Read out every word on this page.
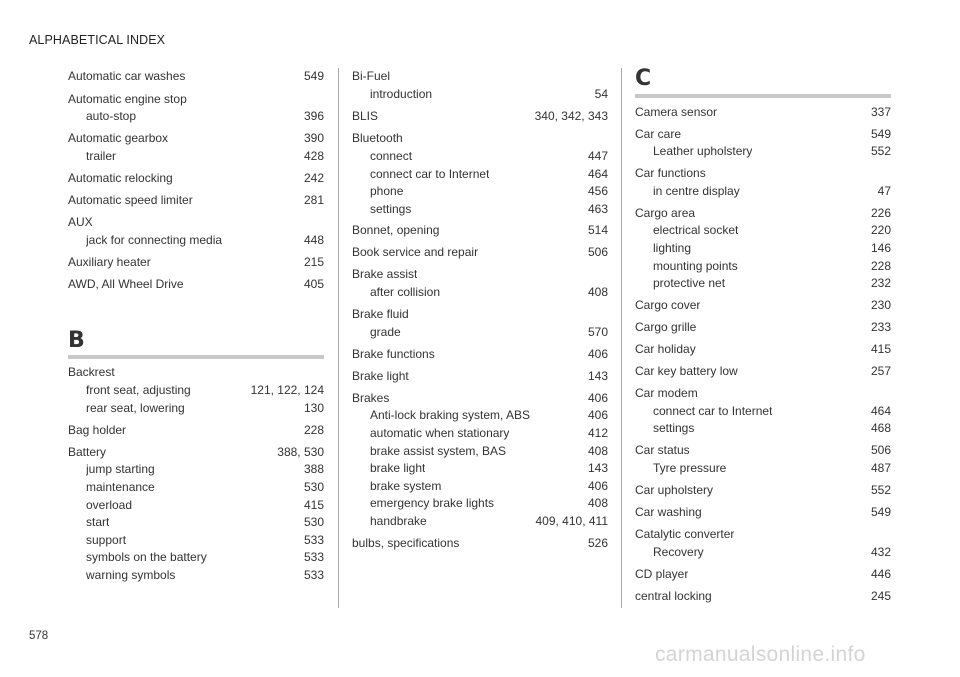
ALPHABETICAL INDEX
B
Automatic car washes	549
Automatic engine stop
auto-stop	396
Automatic gearbox	390
trailer	428
Automatic relocking	242
Automatic speed limiter	281
AUX
jack for connecting media	448
Auxiliary heater	215
AWD, All Wheel Drive	405
Backrest
front seat, adjusting	121, 122, 124
rear seat, lowering	130
Bag holder	228
Battery	388, 530
jump starting	388
maintenance	530
overload	415
start	530
support	533
symbols on the battery	533
warning symbols	533
Bi-Fuel
introduction	54
BLIS	340, 342, 343
Bluetooth
connect	447
connect car to Internet	464
phone	456
settings	463
Bonnet, opening	514
Book service and repair	506
Brake assist
after collision	408
Brake fluid
grade	570
Brake functions	406
Brake light	143
Brakes	406
Anti-lock braking system, ABS	406
automatic when stationary	412
brake assist system, BAS	408
brake light	143
brake system	406
emergency brake lights	408
handbrake	409, 410, 411
bulbs, specifications	526
C
Camera sensor	337
Car care	549
Leather upholstery	552
Car functions
in centre display	47
Cargo area	226
electrical socket	220
lighting	146
mounting points	228
protective net	232
Cargo cover	230
Cargo grille	233
Car holiday	415
Car key battery low	257
Car modem
connect car to Internet	464
settings	468
Car status	506
Tyre pressure	487
Car upholstery	552
Car washing	549
Catalytic converter
Recovery	432
CD player	446
central locking	245
578
carmanualsonline.info
